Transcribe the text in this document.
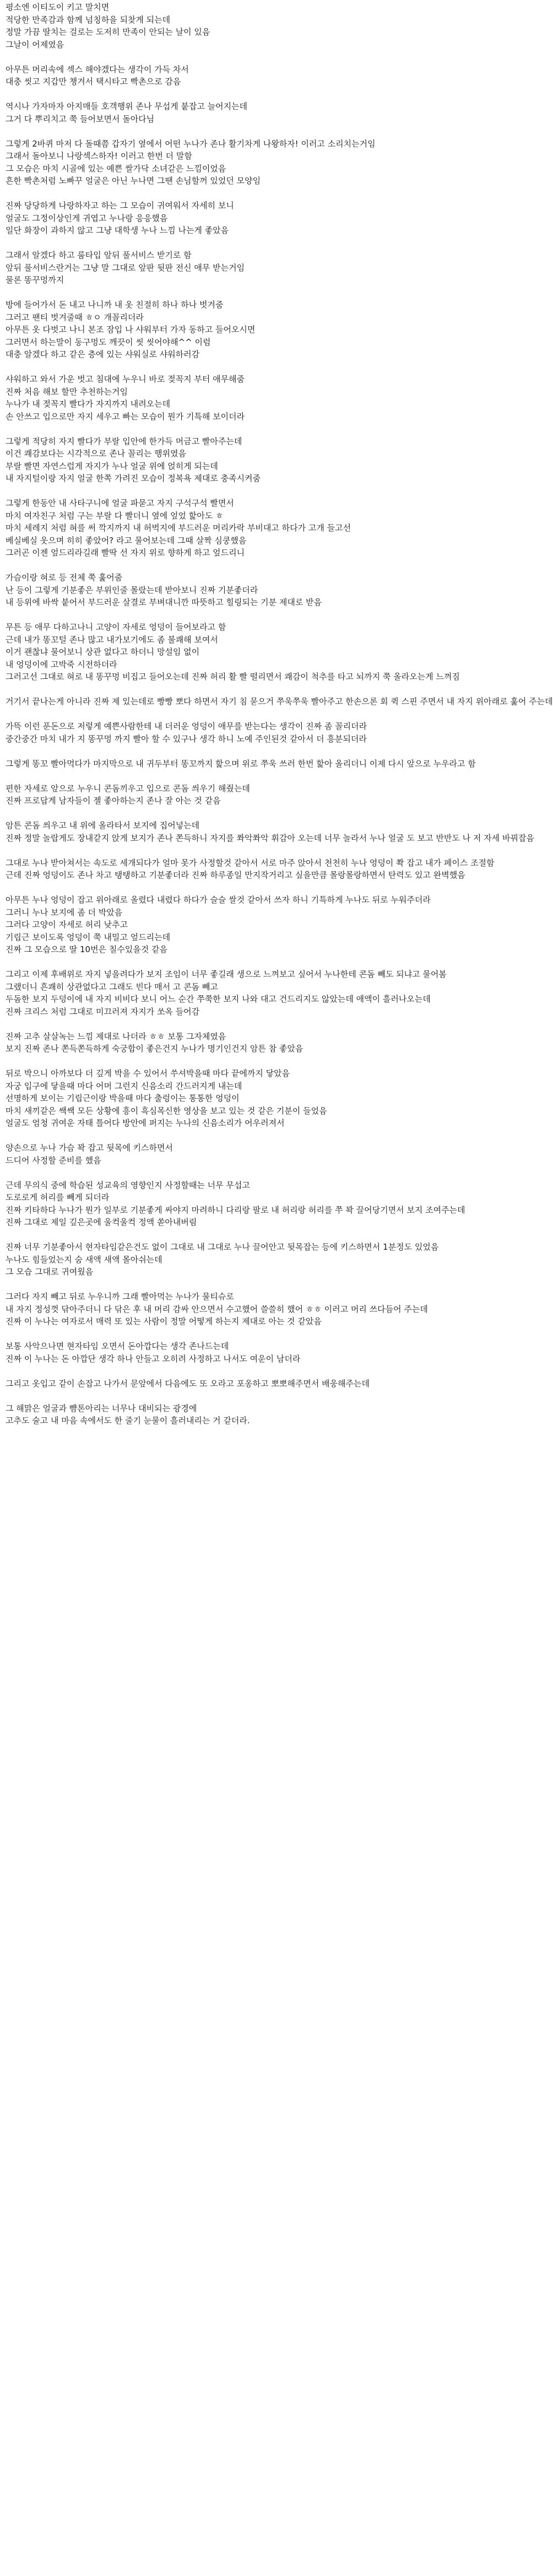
평소엔 이티도이 키고 말치면
적당한 만족감과 함께 넘칭하을 되찾게 되는데
정말 가끔 딸치는 걸로는 도저히 만족이 안되는 날이 있음
그날이 어제였음
아무튼 머리속에 섹스 해야겠다는 생각이 가득 차서
대충 씻고 지갑만 챙겨서 택시타고 빡촌으로 감음
역시나 가자마자 아지매들 호객행위 존나 무섭게 붙잡고 늘어지는데
그거 다 뿌리치고 쭉 들어보면서 돌아다님
그렇게 2바퀴 마저 다 돌때쯤 갑자기 옆에서 어떤 누나가 존나 활기차게 나왕하자! 이러고 소리치는거임
그래서 돌아보니 나랑섹스하자! 이러고 한번 더 말함
그 모습은 마치 시골에 있는 예쁜 쌀가닥 소녀같은 느낌이었음
흔한 빡촌처럼 노빠꾸 얼굴은 아닌 누나면 그땐 손님할꺼 있었던 모양임
진짜 당당하게 나랑하자고 하는 그 모습이 귀여워서 자세히 보니
얼굴도 그정이상인게 귀엽고 누나랑 응응했음
일단 화장이 과하지 않고 그냥 대학생 누나 느낌 나는게 좋았음
그래서 알겠다 하고 룸타입 앞뒤 풀서비스 받기로 함
앞뒤 풀서비스란거는 그냥 말 그대로 앞판 뒷판 전신 애무 받는거임
물론 똥꾸멍까지
방에 들어가서 돈 내고 나니까 내 옷 친절히 하나 하나 벗겨줌
그러고 팬티 벗겨줄때 ㅎㅇ 개꼴리더라
아무튼 옷 다벗고 나니 본조 잠입 나 샤워부터 가자 동하고 들어오시면
그러면서 하는말이 동구멍도 깨끗이 씻 씻어야해^^ 이럼
대충 알겠다 하고 같은 층에 있는 샤워실로 샤워하러감
샤워하고 와서 가운 벗고 침대에 누우니 바로 젖꼭지 부터 애무해줌
진짜 처음 해보 할만 추천하는거임
누나가 내 젖꼭지 빨다가 자지까지 내려오는데
손 안쓰고 입으로만 자지 세우고 빠는 모습이 뭔가 기특해 보이더라
그렇게 적당히 자지 빨다가 부랄 입안에 한가득 머금고 빨아주는데
이건 쾌감보다는 시각적으로 존나 꼴리는 행위였음
부랄 빨면 자연스럽게 자지가 누나 얼굴 위에 얹히게 되는데
내 자지털이랑 자지 얼굴 한쪽 가려진 모습이 정복욕 제대로 충족시켜줌
그렇게 한동안 내 사타구니에 얼굴 파묻고 자지 구석구석 빨면서
마치 여자친구 처럼 구는 부랄 다 빨더니 옆에 엎었 핥아도 ㅎ
마치 세레지 처럼 혀를 써 깍지까지 내 허벅지에 부드러운 머리카락 부비대고 하다가 고개 들고선
베실베실 웃으며 히히 좋았어? 라고 물어보는데 그때 살짝 심쿵했음
그러곤 이젠 엎드리라길래 빨딱 선 자지 위로 향하게 하고 엎드리니
가슴이랑 혀로 등 전체 쭉 훑어줌
난 등이 그렇게 기분좋은 부위인줄 몰랐는데 받아보니 진짜 기분좋더라
내 등위에 바싹 붙어서 부드러운 살결로 부벼대니깐 따뜻하고 힐링되는 기분 제대로 받음
무튼 등 애무 다하고나니 고양이 자세로 엉덩이 들어보라고 함
근데 내가 똥꼬털 존나 많고 내가보기에도 좀 불쾌해 보여서
이거 괜찮냐 물어보니 상관 없다고 하더니 망설임 없이
내 엉덩이에 고박죽 시전하더라
그러고선 그대로 혀로 내 똥꾸멍 비집고 들어오는데 진짜 허리 활 빨 떨리면서 쾌감이 척추를 타고 뇌까지 쭉 올라오는게 느껴짐
거기서 끝나는게 아니라 진짜 제 있는데로 빵빵 뽀다 하면서 자기 침 묻으거 쭈욱쭈욱 빨아주고 한손으론 회 퀵 스핀 주면서 내 자지 위아래로 훑어 주는데
가뜩 이런 푼돈으로 저렇게 예쁜사람한테 내 더러운 엉덩이 애무를 받는다는 생각이 진짜 좀 꼴리더라
중간중간 마치 내가 지 똥꾸멍 까지 빨아 할 수 있구나 생각 하니 노예 주인된것 같아서 더 흥분되더라
그렇게 똥꼬 빨아먹다가 마지막으로 내 귀두부터 똥꼬까지 핥으며 위로 쭈욱 쓰러 한번 핥아 올리더니 이제 다시 앞으로 누우라고 함
편한 자세로 앞으로 누우니 콘돔끼우고 입으로 콘돔 씌우기 해줬는데
진짜 프로답게 남자들이 젤 좋아하는지 존나 잘 아는 것 같음
암튼 콘돔 씌우고 내 위에 올라타서 보지에 집어넣는데
진짜 정말 놀랍게도 장내같지 앉게 보지가 존나 쫀득하니 자지를 쫘악쫘악 휘감아 오는데 너무 놀라서 누나 얼굴 도 보고 반반도 나 저 자세 바꿔잡음
그대로 누나 받아쳐서는 속도로 세개되다가 얼마 못가 사정할것 같아서 서로 마주 앉아서 천천히 누나 엉덩이 쫙 잡고 내가 페이스 조절함
근데 진짜 엉덩이도 존나 차고 탱탱하고 기분좋더라 진짜 하루종일 만지작거리고 싶을만큼 몰랑몰랑하면서 탄력도 있고 완벽했음
아무튼 누나 엉덩이 잡고 위아래로 올렸다 내렸다 하다가 슬슬 쌀것 같아서 쓰자 하니 기특하게 누나도 뒤로 누워주더라
그러니 누나 보지에 좀 더 박았음
그러다 고양이 자세로 허리 낮추고
기립근 보이도록 엉덩이 쭉 내밀고 엎드리는데
진짜 그 모습으로 딸 10번은 칠수있을것 같음
그리고 이제 후배위로 자지 넣을려다가 보지 조임이 너무 좋길래 생으로 느껴보고 싶어서 누나한테 콘돔 빼도 되냐고 물어봄
그랬더니 흔쾌히 상관없다고 그래도 빈다 매서 고 콘돔 빼고
두돔한 보지 두덩이에 내 자지 비비다 보니 어느 순간 쭈쭉한 보지 나와 대고 건드리지도 않았는데 애액이 흘러나오는데
진짜 크리스 처럼 그대로 미끄러져 자지가 쏘옥 들어감
진짜 고추 살살녹는 느낌 제대로 나더라 ㅎㅎ 보통 그자체였음
보지 진짜 존나 쫀득쫀득하게 숙궁합이 좋은건지 누나가 명기인건지 암튼 참 좋았음
뒤로 박으니 아까보다 더 깊게 박을 수 있어서 쑤셔박을때 마다 끝에까지 닿았음
자궁 입구에 닿을때 마다 어머 그런지 신음소리 간드러지게 내는데
선명하게 보이는 기립근이랑 박을때 마다 출렁이는 통통한 엉덩이
마치 새끼같은 쌕쌕 모든 상황에 흥이 흑심목신한 영상을 보고 있는 것 같은 기분이 들었음
얼굴도 엄청 귀여운 자태 틀어다 방안에 퍼지는 누나의 신음소리가 어우러져서
양손으로 누나 가슴 꽉 잡고 뒷목에 키스하면서
드디어 사정할 준비를 했음
근데 무의식 중에 학습된 성교육의 영향인지 사정할때는 너무 무섭고
도로로게 허리를 빼게 되더라
진짜 키타하다 누나가 뭔가 일부로 기분좋게 싸야지 마려하니 다리랑 팔로 내 허리랑 허리를 쭈 꽉 끌어당기면서 보지 조여주는데
진짜 그대로 제일 깊은곳에 울컥울컥 정액 쏟아내버림
진짜 너무 기분좋아서 현자타임같은건도 없이 그대로 내 그대로 누나 끌어안고 뒷목잡는 등에 키스하면서 1분정도 있었음
누나도 힘들었는지 숨 새액 새액 몰아쉬는데
그 모습 그대로 귀여웠음
그러다 자지 빼고 뒤로 누우니까 그래 빨아먹는 누나가 물티슈로
내 자지 정성껏 닦아주더니 다 닦은 후 내 머리 감싸 안으면서 수고했어 쓸쓸히 했어 ㅎㅎ 이러고 머리 쓰다듬어 주는데
진짜 이 누나는 여자로서 매력 또 있는 사람이 정말 어떻게 하는지 제대로 아는 것 같았음
보통 사악으나면 현자타임 오면서 돈아깝다는 생각 존나드는데
진짜 이 누나는 돈 아깝단 생각 하나 안들고 오히려 사정하고 나서도 여운이 남더라
그리고 옷입고 같이 손잡고 나가서 문앞에서 다음에도 또 오라고 포옹하고 뽀뽀해주면서 배웅해주는데
그 해맑은 얼굴과 뺨톤아리는 너무나 대비되는 광경에
고추도 술고 내 마음 속에서도 한 줄기 눈물이 흘러내리는 거 같더라.
